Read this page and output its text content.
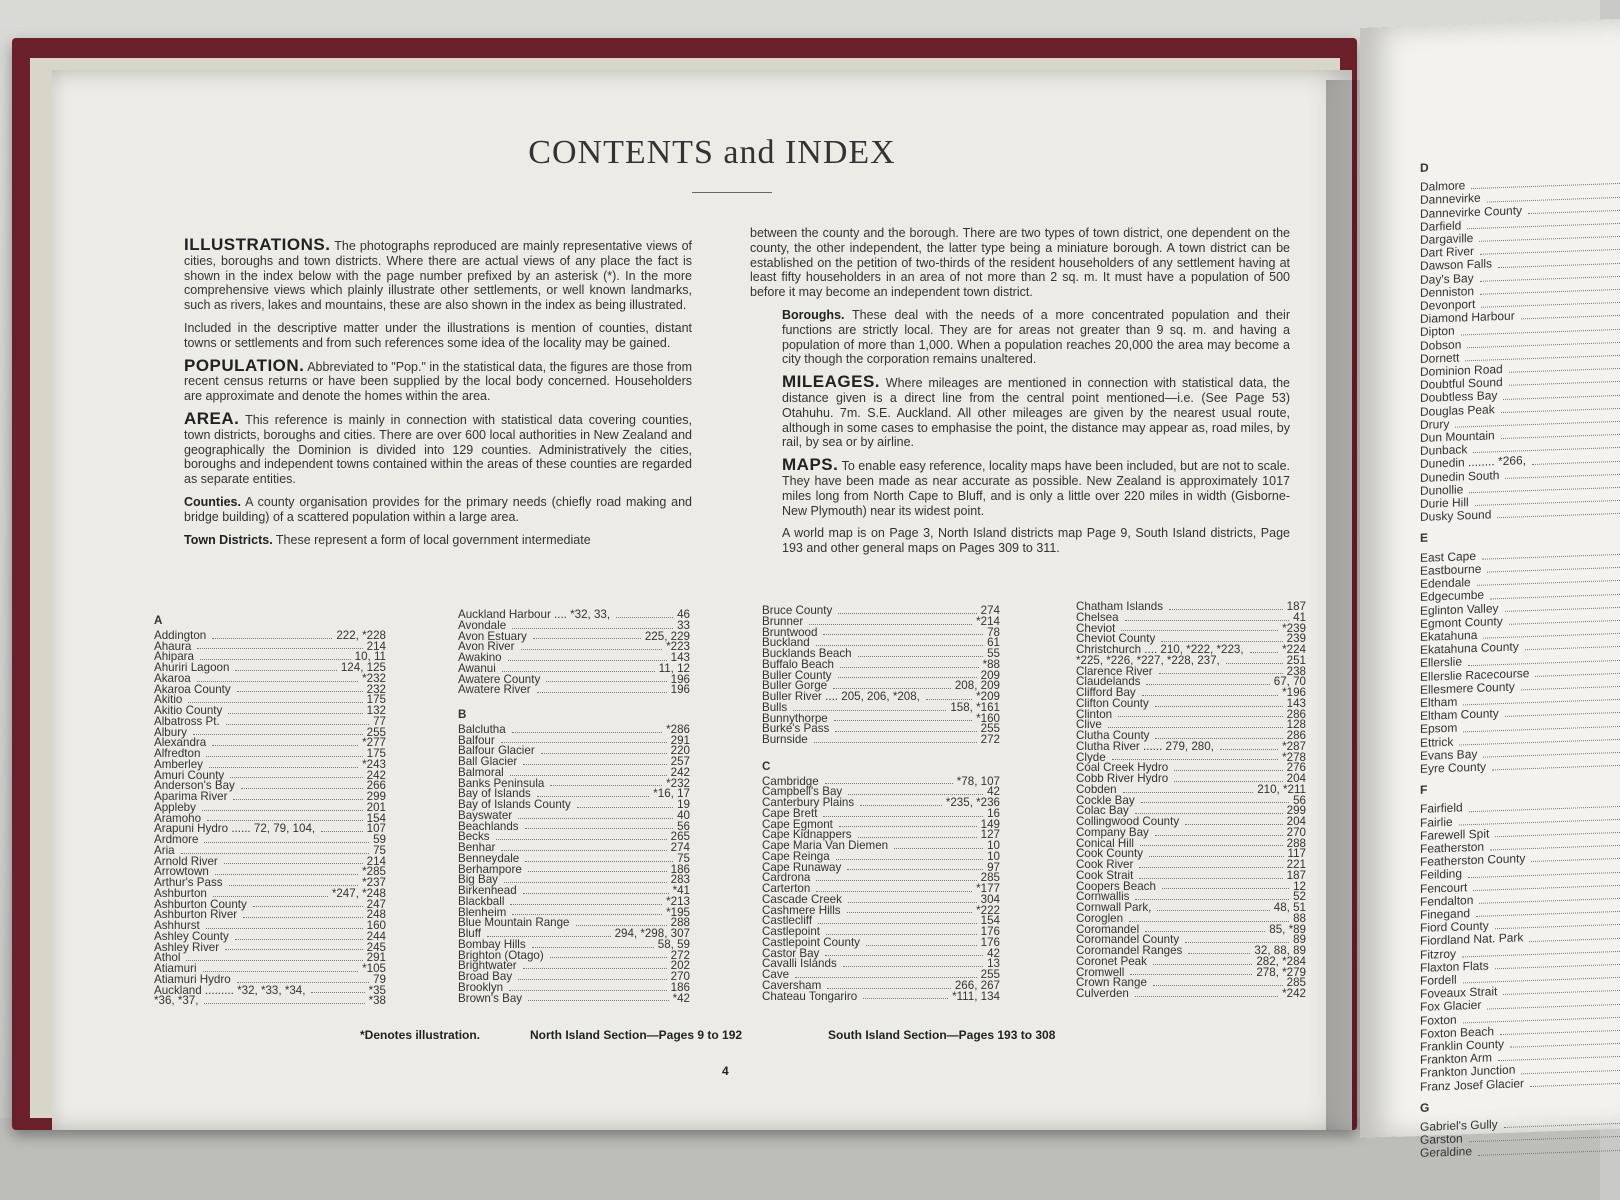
CONTENTS and INDEX

ILLUSTRATIONS. The photographs reproduced are mainly representative views of cities, boroughs and town districts. Where there are actual views of any place the fact is shown in the index below with the page number prefixed by an asterisk (*). In the more comprehensive views which plainly illustrate other settlements, or well known landmarks, such as rivers, lakes and mountains, these are also shown in the index as being illustrated.

Included in the descriptive matter under the illustrations is mention of counties, distant towns or settlements and from such references some idea of the locality may be gained.

POPULATION. Abbreviated to "Pop." in the statistical data, the figures are those from recent census returns or have been supplied by the local body concerned. Householders are approximate and denote the homes within the area.

AREA. This reference is mainly in connection with statistical data covering counties, town districts, boroughs and cities. There are over 600 local authorities in New Zealand and geographically the Dominion is divided into 129 counties. Administratively the cities, boroughs and independent towns contained within the areas of these counties are regarded as separate entities.

Counties. A county organisation provides for the primary needs (chiefly road making and bridge building) of a scattered population within a large area.

Town Districts. These represent a form of local government intermediate

between the county and the borough. There are two types of town district, one dependent on the county, the other independent, the latter type being a miniature borough. A town district can be established on the petition of two-thirds of the resident householders of any settlement having at least fifty householders in an area of not more than 2 sq. m. It must have a population of 500 before it may become an independent town district.

Boroughs. These deal with the needs of a more concentrated population and their functions are strictly local. They are for areas not greater than 9 sq. m. and having a population of more than 1,000. When a population reaches 20,000 the area may become a city though the corporation remains unaltered.

MILEAGES. Where mileages are mentioned in connection with statistical data, the distance given is a direct line from the central point mentioned—i.e. (See Page 53) Otahuhu. 7m. S.E. Auckland. All other mileages are given by the nearest usual route, although in some cases to emphasise the point, the distance may appear as, road miles, by rail, by sea or by airline.

MAPS. To enable easy reference, locality maps have been included, but are not to scale. They have been made as near accurate as possible. New Zealand is approximately 1017 miles long from North Cape to Bluff, and is only a little over 220 miles in width (Gisborne-New Plymouth) near its widest point.

A world map is on Page 3, North Island districts map Page 9, South Island districts, Page 193 and other general maps on Pages 309 to 311.

A
Addington	222, *228
Ahaura	214
Ahipara	10, 11
Ahuriri Lagoon	124, 125
Akaroa	*232
Akaroa County	232
Akitio	175
Akitio County	132
Albatross Pt.	77
Albury	255
Alexandra	*277
Alfredton	175
Amberley	*243
Amuri County	242
Anderson's Bay	266
Aparima River	299
Appleby	201
Aramoho	154
Arapuni Hydro ...... 72, 79, 104,	107
Ardmore	59
Aria	75
Arnold River	214
Arrowtown	*285
Arthur's Pass	*237
Ashburton	*247, *248
Ashburton County	247
Ashburton River	248
Ashhurst	160
Ashley County	244
Ashley River	245
Athol	291
Atiamuri	*105
Atiamuri Hydro	79
Auckland ......... *32, *33, *34,	*35
*36, *37,	*38
Auckland Harbour .... *32, 33,	46
Avondale	33
Avon Estuary	225, 229
Avon River	*223
Awakino	143
Awanui	11, 12
Awatere County	196
Awatere River	196
B
Balclutha	*286
Balfour	291
Balfour Glacier	220
Ball Glacier	257
Balmoral	242
Banks Peninsula	*232
Bay of Islands	*16, 17
Bay of Islands County	19
Bayswater	40
Beachlands	56
Becks	265
Benhar	274
Benneydale	75
Berhampore	186
Big Bay	283
Birkenhead	*41
Blackball	*213
Blenheim	*195
Blue Mountain Range	288
Bluff	294, *298, 307
Bombay Hills	58, 59
Brighton (Otago)	272
Brightwater	202
Broad Bay	270
Brooklyn	186
Brown's Bay	*42
Bruce County	274
Brunner	*214
Bruntwood	78
Buckland	61
Bucklands Beach	55
Buffalo Beach	*88
Buller County	209
Buller Gorge	208, 209
Buller River .... 205, 206, *208,	*209
Bulls	158, *161
Bunnythorpe	*160
Burke's Pass	255
Burnside	272
C
Cambridge	*78, 107
Campbell's Bay	42
Canterbury Plains	*235, *236
Cape Brett	16
Cape Egmont	149
Cape Kidnappers	127
Cape Maria Van Diemen	10
Cape Reinga	10
Cape Runaway	97
Cardrona	285
Carterton	*177
Cascade Creek	304
Cashmere Hills	*222
Castlecliff	154
Castlepoint	176
Castlepoint County	176
Castor Bay	42
Cavalli Islands	13
Cave	255
Caversham	266, 267
Chateau Tongariro	*111, 134
Chatham Islands	187
Chelsea	41
Cheviot	*239
Cheviot County	239
Christchurch .... 210, *222, *223,	*224
*225, *226, *227, *228, 237,	251
Clarence River	238
Claudelands	67, 70
Clifford Bay	*196
Clifton County	143
Clinton	286
Clive	128
Clutha County	286
Clutha River ...... 279, 280,	*287
Clyde	*278
Coal Creek Hydro	276
Cobb River Hydro	204
Cobden	210, *211
Cockle Bay	56
Colac Bay	299
Collingwood County	204
Company Bay	270
Conical Hill	288
Cook County	117
Cook River	221
Cook Strait	187
Coopers Beach	12
Cornwallis	52
Cornwall Park,	48, 51
Coroglen	88
Coromandel	85, *89
Coromandel County	89
Coromandel Ranges	32, 88, 89
Coronet Peak	282, *284
Cromwell	278, *279
Crown Range	285
Culverden	*242
*Denotes illustration.	North Island Section—Pages 9 to 192	South Island Section—Pages 193 to 308
4
D
Dalmore
Dannevirke
Dannevirke County
Darfield
Dargaville
Dart River
Dawson Falls
Day's Bay
Denniston
Devonport
Diamond Harbour
Dipton
Dobson
Dornett
Dominion Road
Doubtful Sound
Doubtless Bay
Douglas Peak
Drury
Dun Mountain
Dunback
Dunedin ........ *266,
Dunedin South
Dunollie
Durie Hill
Dusky Sound
E
East Cape
Eastbourne
Edendale
Edgecumbe
Eglinton Valley
Egmont County
Ekatahuna
Ekatahuna County
Ellerslie
Ellerslie Racecourse
Ellesmere County
Eltham
Eltham County
Epsom
Ettrick
Evans Bay
Eyre County
F
Fairfield
Fairlie
Farewell Spit
Featherston
Featherston County
Feilding
Fencourt
Fendalton
Finegand
Fiord County
Fiordland Nat. Park
Fitzroy
Flaxton Flats
Fordell
Foveaux Strait
Fox Glacier
Foxton
Foxton Beach
Franklin County
Frankton Arm
Frankton Junction
Franz Josef Glacier
G
Gabriel's Gully
Garston
Geraldine
